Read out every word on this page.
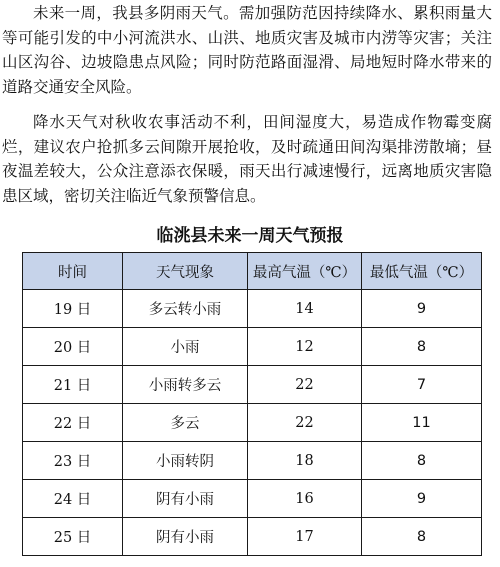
未来一周，我县多阴雨天气。需加强防范因持续降水、累积雨量大等可能引发的中小河流洪水、山洪、地质灾害及城市内涝等灾害；关注山区沟谷、边坡隐患点风险；同时防范路面湿滑、局地短时降水带来的道路交通安全风险。

降水天气对秋收农事活动不利，田间湿度大，易造成作物霉变腐烂，建议农户抢抓多云间隙开展抢收，及时疏通田间沟渠排涝散墒；昼夜温差较大，公众注意添衣保暖，雨天出行减速慢行，远离地质灾害隐患区域，密切关注临近气象预警信息。

临洮县未来一周天气预报
时间	天气现象	最高气温（℃）	最低气温（℃）
19 日	多云转小雨	14	9
20 日	小雨	12	8
21 日	小雨转多云	22	7
22 日	多云	22	11
23 日	小雨转阴	18	8
24 日	阴有小雨	16	9
25 日	阴有小雨	17	8
